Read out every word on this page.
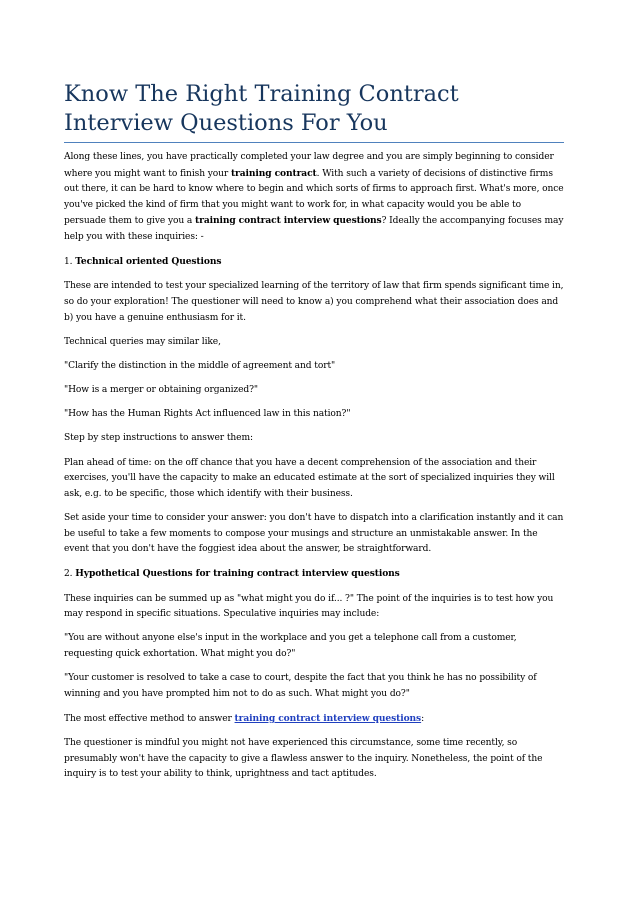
Know The Right Training Contract Interview Questions For You

Along these lines, you have practically completed your law degree and you are simply beginning to consider where you might want to finish your training contract. With such a variety of decisions of distinctive firms out there, it can be hard to know where to begin and which sorts of firms to approach first. What's more, once you've picked the kind of firm that you might want to work for, in what capacity would you be able to persuade them to give you a training contract interview questions? Ideally the accompanying focuses may help you with these inquiries: -

1. Technical oriented Questions

These are intended to test your specialized learning of the territory of law that firm spends significant time in, so do your exploration! The questioner will need to know a) you comprehend what their association does and b) you have a genuine enthusiasm for it.

Technical queries may similar like,

"Clarify the distinction in the middle of agreement and tort"

"How is a merger or obtaining organized?"

"How has the Human Rights Act influenced law in this nation?"

Step by step instructions to answer them:

Plan ahead of time: on the off chance that you have a decent comprehension of the association and their exercises, you'll have the capacity to make an educated estimate at the sort of specialized inquiries they will ask, e.g. to be specific, those which identify with their business.

Set aside your time to consider your answer: you don't have to dispatch into a clarification instantly and it can be useful to take a few moments to compose your musings and structure an unmistakable answer. In the event that you don't have the foggiest idea about the answer, be straightforward.

2. Hypothetical Questions for training contract interview questions

These inquiries can be summed up as "what might you do if... ?" The point of the inquiries is to test how you may respond in specific situations. Speculative inquiries may include:

"You are without anyone else's input in the workplace and you get a telephone call from a customer, requesting quick exhortation. What might you do?"

"Your customer is resolved to take a case to court, despite the fact that you think he has no possibility of winning and you have prompted him not to do as such. What might you do?"

The most effective method to answer training contract interview questions:

The questioner is mindful you might not have experienced this circumstance, some time recently, so presumably won't have the capacity to give a flawless answer to the inquiry. Nonetheless, the point of the inquiry is to test your ability to think, uprightness and tact aptitudes.
